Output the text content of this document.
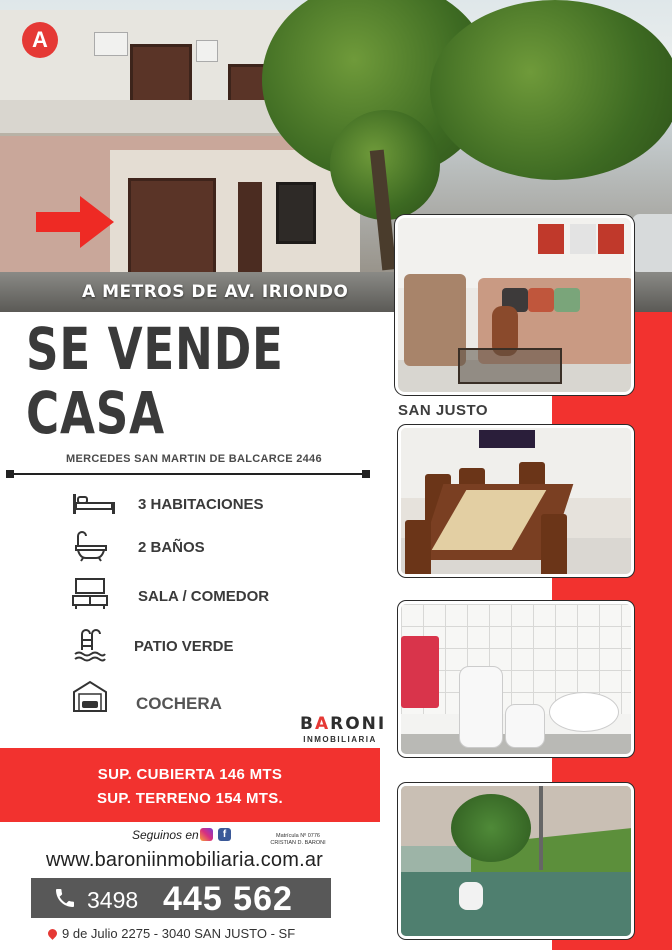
A
A METROS DE AV. IRIONDO
SE VENDE
CASA	SAN JUSTO
MERCEDES SAN MARTIN DE BALCARCE 2446
3 HABITACIONES
2 BAÑOS
SALA / COMEDOR
PATIO VERDE
COCHERA
BARONI
INMOBILIARIA
SUP. CUBIERTA 146 MTS
SUP. TERRENO 154 MTS.
Seguinos en	f	Matrícula Nº 0776 CRISTIAN D. BARONI
www.baroniinmobiliaria.com.ar
3498 445 562
9 de Julio 2275 - 3040 SAN JUSTO - SF
